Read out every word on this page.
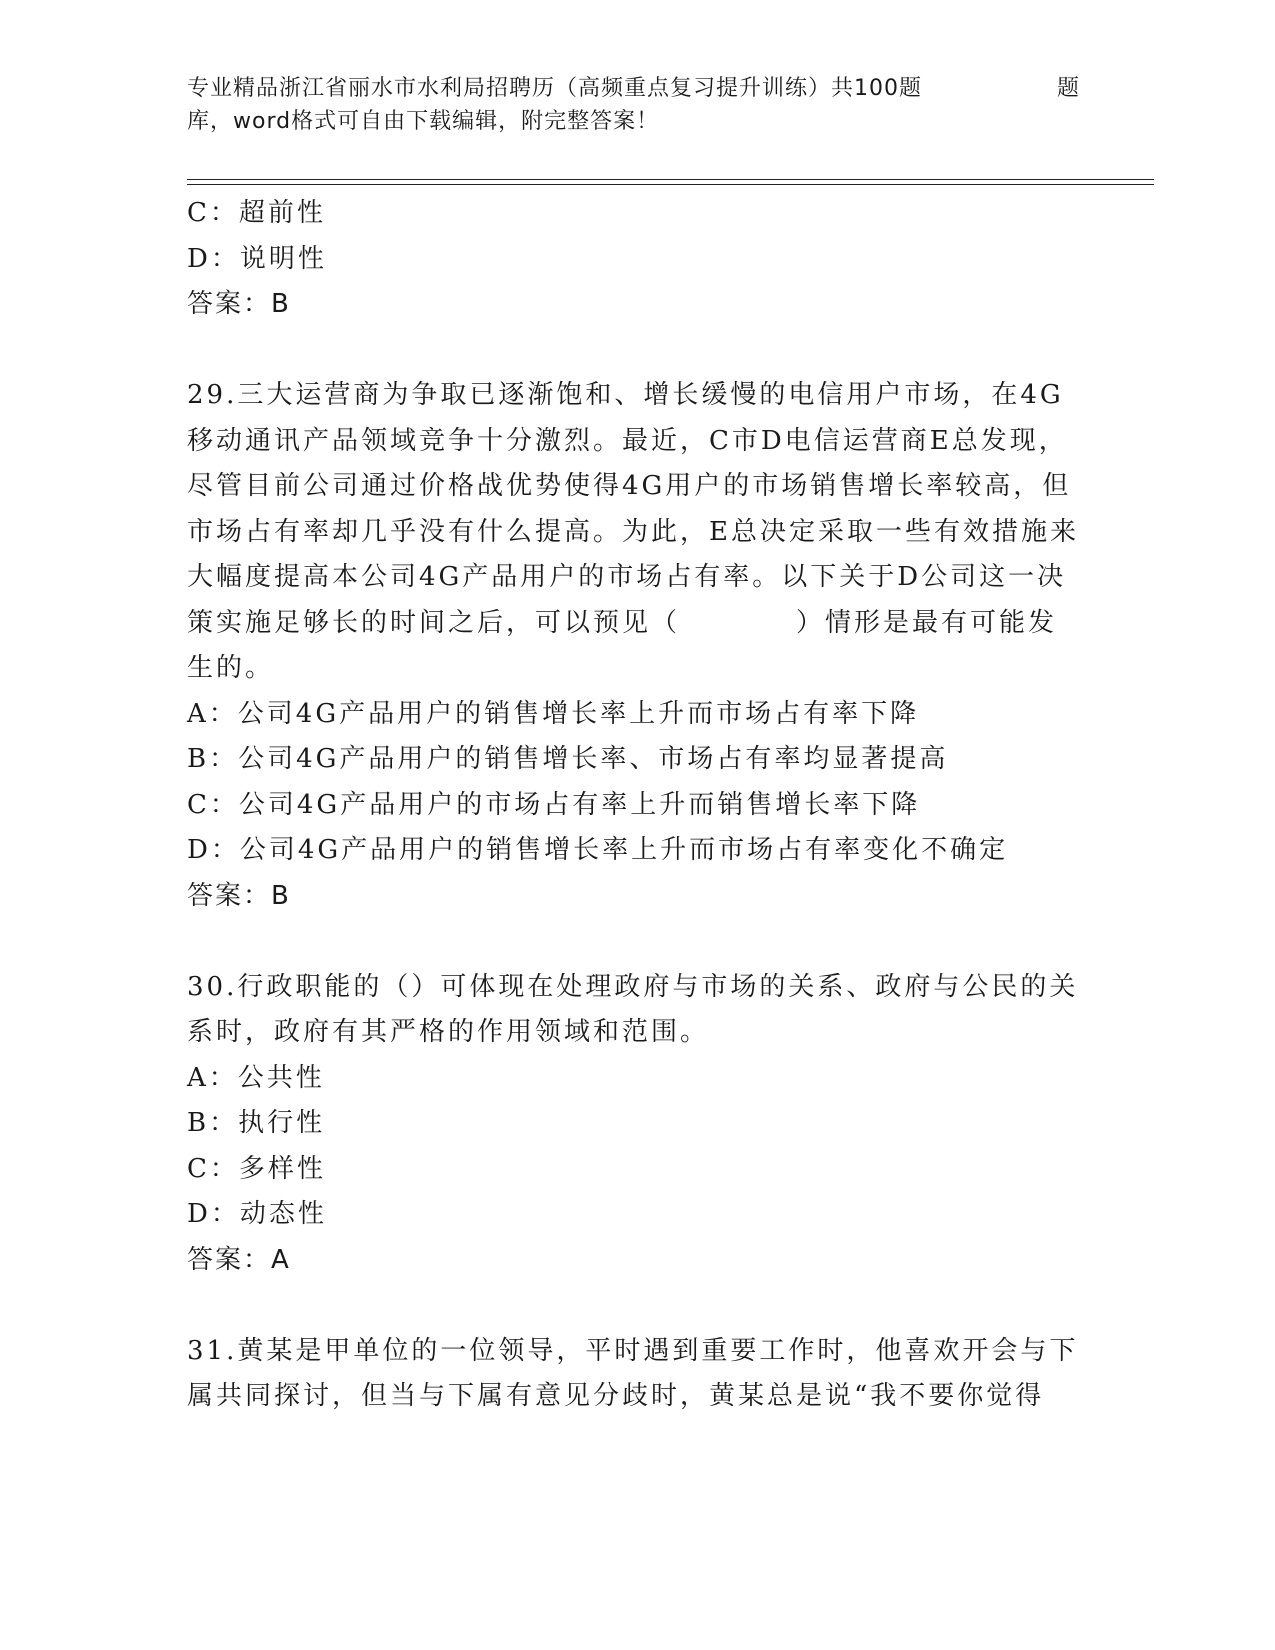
专业精品浙江省丽水市水利局招聘历（高频重点复习提升训练）共100题	题
库，word格式可自由下载编辑，附完整答案！
C：超前性
D：说明性
答案：B
29.三大运营商为争取已逐渐饱和、增长缓慢的电信用户市场，在4G
移动通讯产品领域竞争十分激烈。最近，C市D电信运营商E总发现，
尽管目前公司通过价格战优势使得4G用户的市场销售增长率较高，但
市场占有率却几乎没有什么提高。为此，E总决定采取一些有效措施来
大幅度提高本公司4G产品用户的市场占有率。以下关于D公司这一决
策实施足够长的时间之后，可以预见（　　　　）情形是最有可能发
生的。
A：公司4G产品用户的销售增长率上升而市场占有率下降
B：公司4G产品用户的销售增长率、市场占有率均显著提高
C：公司4G产品用户的市场占有率上升而销售增长率下降
D：公司4G产品用户的销售增长率上升而市场占有率变化不确定
答案：B
30.行政职能的（）可体现在处理政府与市场的关系、政府与公民的关
系时，政府有其严格的作用领域和范围。
A：公共性
B：执行性
C：多样性
D：动态性
答案：A
31.黄某是甲单位的一位领导，平时遇到重要工作时，他喜欢开会与下
属共同探讨，但当与下属有意见分歧时，黄某总是说“我不要你觉得
